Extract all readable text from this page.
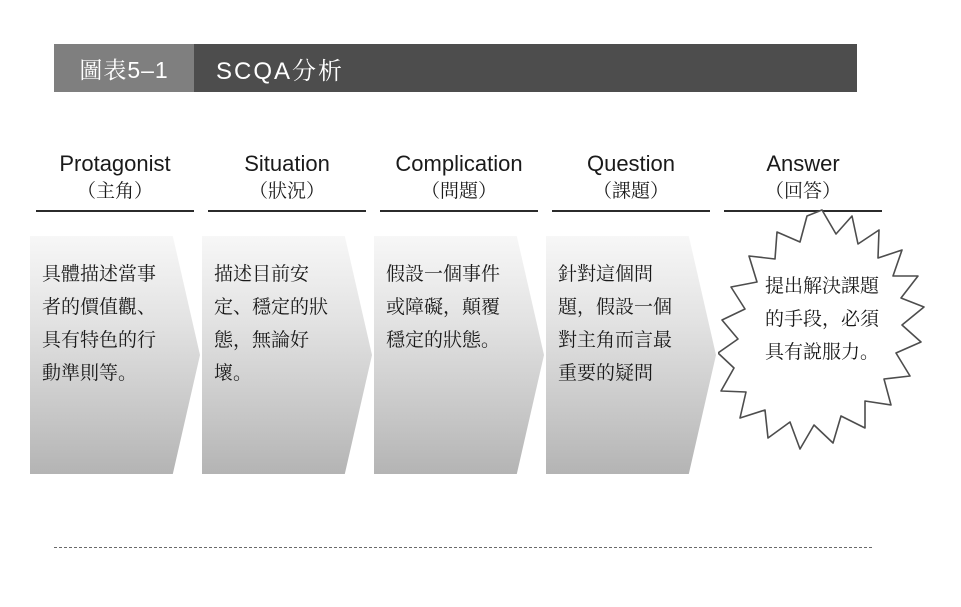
圖表5–1	SCQA分析
Protagonist
（主角）
具體描述當事者的價值觀、具有特色的行動準則等。
Situation
（狀況）
描述目前安定、穩定的狀態，無論好壞。
Complication
（問題）
假設一個事件或障礙，顛覆穩定的狀態。
Question
（課題）
針對這個問題，假設一個對主角而言最重要的疑問
Answer
（回答）
提出解決課題的手段，必須具有說服力。
